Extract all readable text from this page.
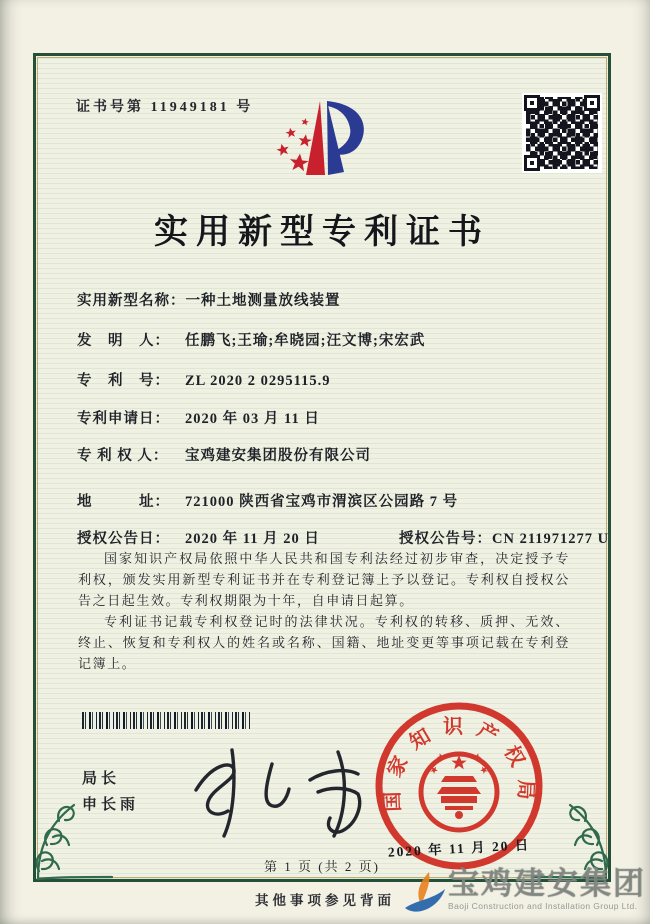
证书号第 11949181 号
实用新型专利证书
实用新型名称：一种土地测量放线装置
发　明　人： 任鹏飞;王瑜;牟晓园;汪文博;宋宏武
专　利　号： ZL 2020 2 0295115.9
专利申请日： 2020 年 03 月 11 日
专 利 权 人： 宝鸡建安集团股份有限公司
地　　　址： 721000 陕西省宝鸡市渭滨区公园路 7 号
授权公告日： 2020 年 11 月 20 日	授权公告号：CN 211971277 U

国家知识产权局依照中华人民共和国专利法经过初步审查，决定授予专利权，颁发实用新型专利证书并在专利登记簿上予以登记。专利权自授权公告之日起生效。专利权期限为十年，自申请日起算。

专利证书记载专利权登记时的法律状况。专利权的转移、质押、无效、终止、恢复和专利权人的姓名或名称、国籍、地址变更等事项记载在专利登记簿上。

局长
申长雨	国家知识产权局
2020 年 11 月 20 日
第 1 页 (共 2 页)
其他事项参见背面	宝鸡建安集团
Baoji Construction and Installation Group Ltd.
